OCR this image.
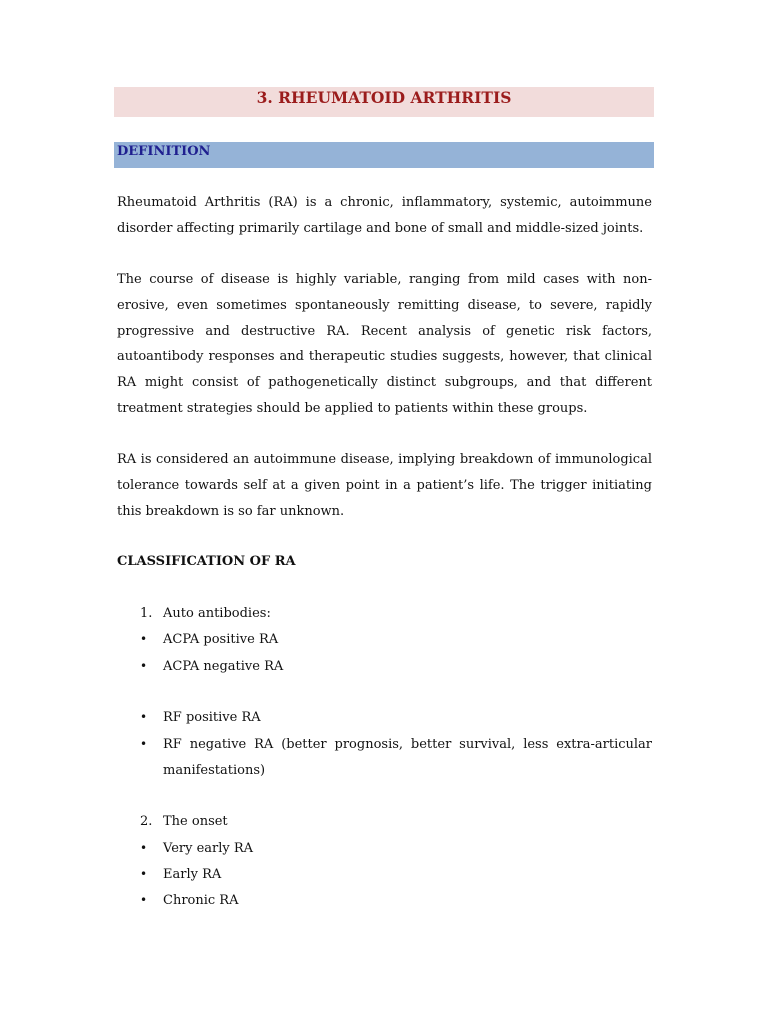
3. RHEUMATOID ARTHRITIS
DEFINITION

Rheumatoid Arthritis (RA) is a chronic, inflammatory, systemic, autoimmune disorder affecting primarily cartilage and bone of small and middle-sized joints.

The course of disease is highly variable, ranging from mild cases with non-erosive, even sometimes spontaneously remitting disease, to severe, rapidly progressive and destructive RA. Recent analysis of genetic risk factors, autoantibody responses and therapeutic studies suggests, however, that clinical RA might consist of pathogenetically distinct subgroups, and that different treatment strategies should be applied to patients within these groups.

RA is considered an autoimmune disease, implying breakdown of immunological tolerance towards self at a given point in a patient’s life. The trigger initiating this breakdown is so far unknown.

CLASSIFICATION OF RA

1. Auto antibodies:

•	ACPA positive RA

•	ACPA negative RA

•	RF positive RA

•	RF negative RA (better prognosis, better survival, less extra-articular manifestations)

2. The onset

•	Very early RA

•	Early RA

•	Chronic RA
